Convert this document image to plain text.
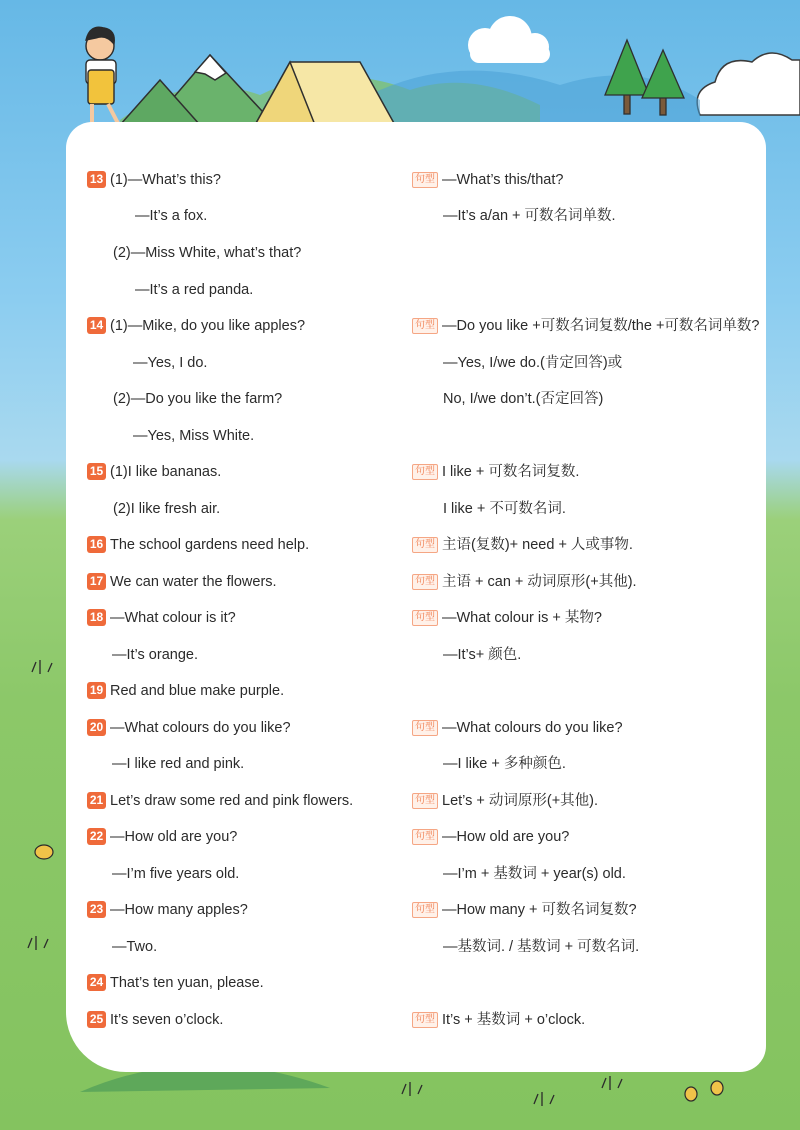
13 (1)—What’s this?
—It’s a fox.
(2)—Miss White, what’s that?
—It’s a red panda.
14 (1)—Mike, do you like apples?
—Yes, I do.
(2)—Do you like the farm?
—Yes, Miss White.
15 (1)I like bananas.
(2)I like fresh air.
16 The school gardens need help.
17 We can water the flowers.
18 —What colour is it?
—It’s orange.
19 Red and blue make purple.
20 —What colours do you like?
—I like red and pink.
21 Let’s draw some red and pink flowers.
22 —How old are you?
—I’m five years old.
23 —How many apples?
—Two.
24 That’s ten yuan, please.
25 It’s seven o’clock.
句型 —What’s this/that?
—It’s a/an + 可数名词单数.
句型 —Do you like +可数名词复数/the +可数名词单数?
—Yes, I/we do.(肯定回答)或
No, I/we don’t.(否定回答)
句型 I like + 可数名词复数.
I like + 不可数名词.
句型 主语(复数)+ need + 人或事物.
句型 主语 + can + 动词原形(+其他).
句型 —What colour is + 某物?
—It’s+ 颜色.
句型 —What colours do you like?
—I like + 多种颜色.
句型 Let’s + 动词原形(+其他).
句型 —How old are you?
—I’m + 基数词 + year(s) old.
句型 —How many + 可数名词复数?
—基数词. / 基数词 + 可数名词.
句型 It’s + 基数词 + o’clock.
